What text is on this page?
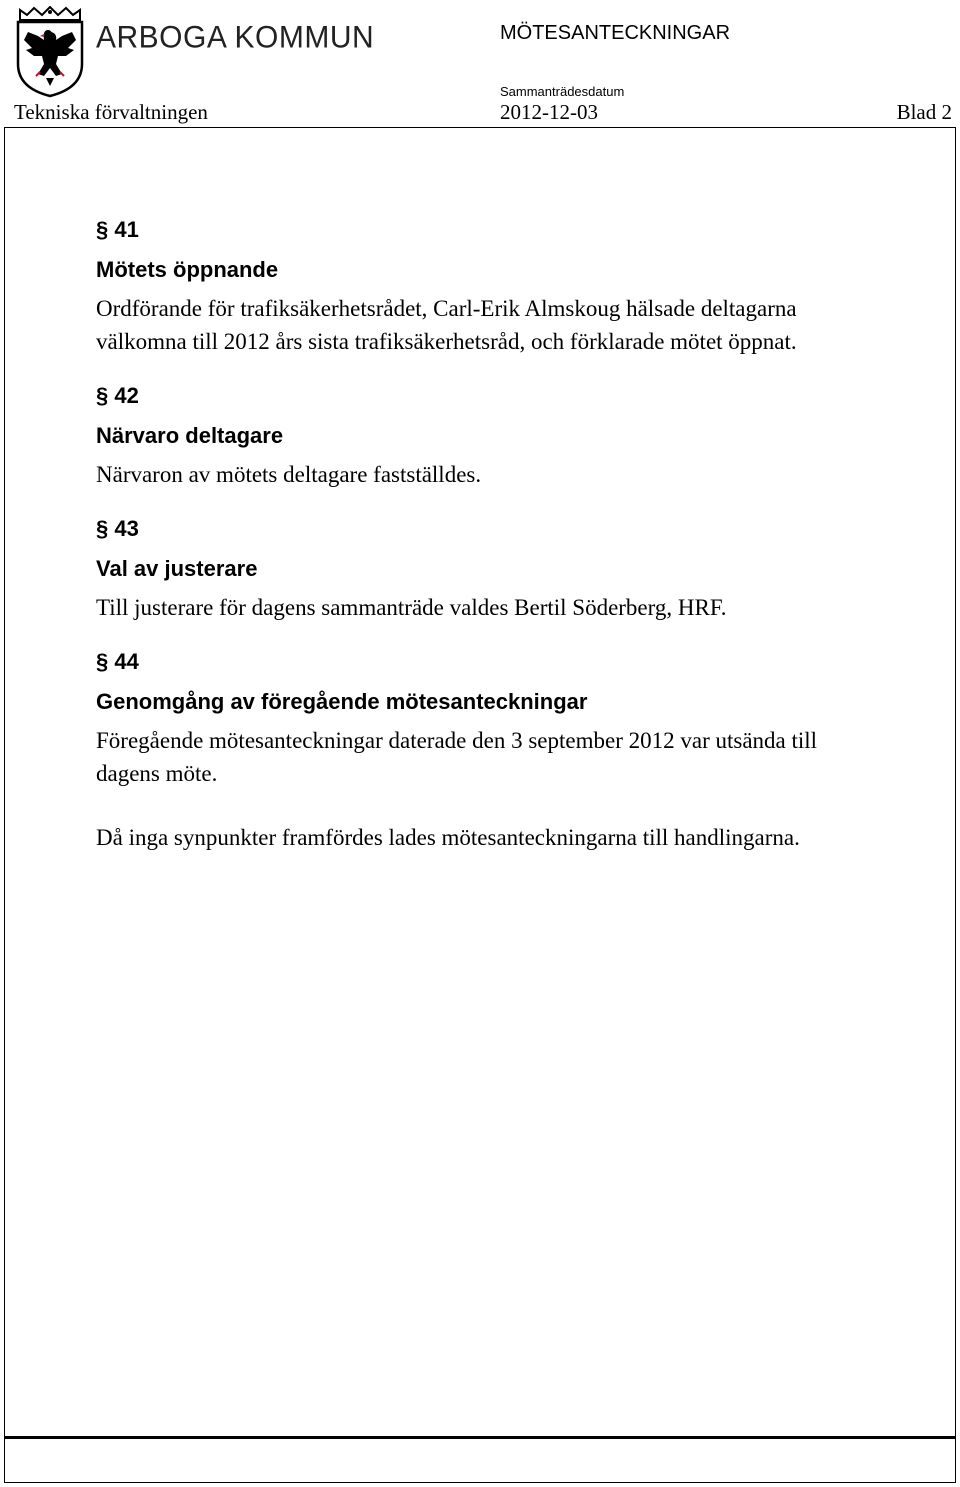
ARBOGA KOMMUN	MÖTESANTECKNINGAR
Sammanträdesdatum
Tekniska förvaltningen	2012-12-03	Blad 2

§ 41

Mötets öppnande

Ordförande för trafiksäkerhetsrådet, Carl-Erik Almskoug hälsade deltagarna välkomna till 2012 års sista trafiksäkerhetsråd, och förklarade mötet öppnat.

§ 42

Närvaro deltagare

Närvaron av mötets deltagare fastställdes.

§ 43

Val av justerare

Till justerare för dagens sammanträde valdes Bertil Söderberg, HRF.

§ 44

Genomgång av föregående mötesanteckningar

Föregående mötesanteckningar daterade den 3 september 2012 var utsända till dagens möte.

Då inga synpunkter framfördes lades mötesanteckningarna till handlingarna.
